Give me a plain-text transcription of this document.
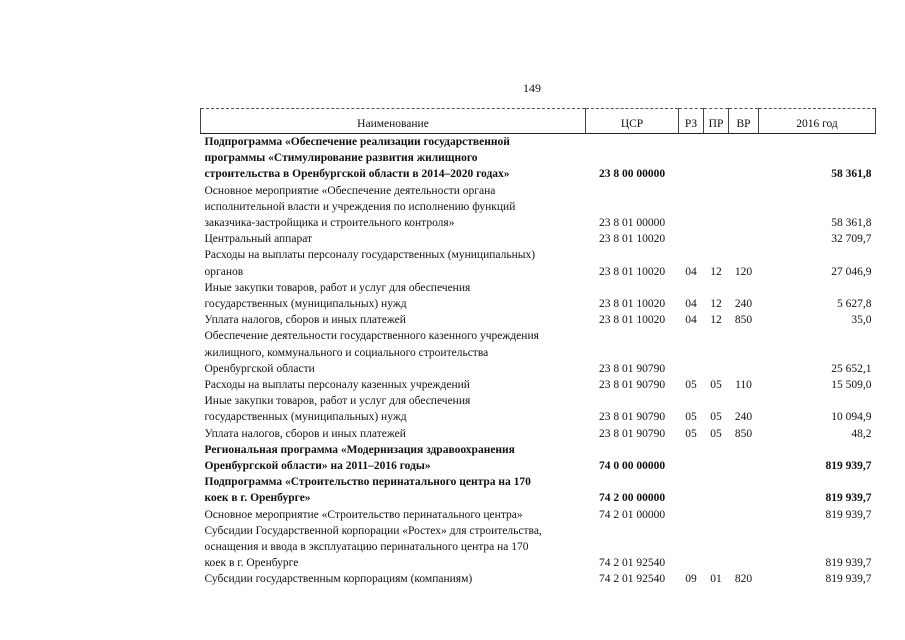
149
Наименование	ЦСР	РЗ	ПР	ВР	2016 год

Подпрограмма «Обеспечение реализации государственной
программы «Стимулирование развития жилищного
строительства в Оренбургской области в 2014–2020 годах»	23 8 00 00000				58 361,8

Основное мероприятие «Обеспечение деятельности органа
исполнительной власти и учреждения по исполнению функций
заказчика-застройщика и строительного контроля»	23 8 01 00000				58 361,8

Центральный аппарат	23 8 01 10020				32 709,7

Расходы на выплаты персоналу государственных (муниципальных)
органов	23 8 01 10020	04	12	120	27 046,9

Иные закупки товаров, работ и услуг для обеспечения
государственных (муниципальных) нужд	23 8 01 10020	04	12	240	5 627,8

Уплата налогов, сборов и иных платежей	23 8 01 10020	04	12	850	35,0

Обеспечение деятельности государственного казенного учреждения
жилищного, коммунального и социального строительства
Оренбургской области	23 8 01 90790				25 652,1

Расходы на выплаты персоналу казенных учреждений	23 8 01 90790	05	05	110	15 509,0

Иные закупки товаров, работ и услуг для обеспечения
государственных (муниципальных) нужд	23 8 01 90790	05	05	240	10 094,9

Уплата налогов, сборов и иных платежей	23 8 01 90790	05	05	850	48,2

Региональная программа «Модернизация здравоохранения
Оренбургской области» на 2011–2016 годы»	74 0 00 00000				819 939,7

Подпрограмма «Строительство перинатального центра на 170
коек в г. Оренбурге»	74 2 00 00000				819 939,7

Основное мероприятие «Строительство перинатального центра»	74 2 01 00000				819 939,7

Субсидии Государственной корпорации «Ростех» для строительства,
оснащения и ввода в эксплуатацию перинатального центра на 170
коек в г. Оренбурге	74 2 01 92540				819 939,7

Субсидии государственным корпорациям (компаниям)	74 2 01 92540	09	01	820	819 939,7
